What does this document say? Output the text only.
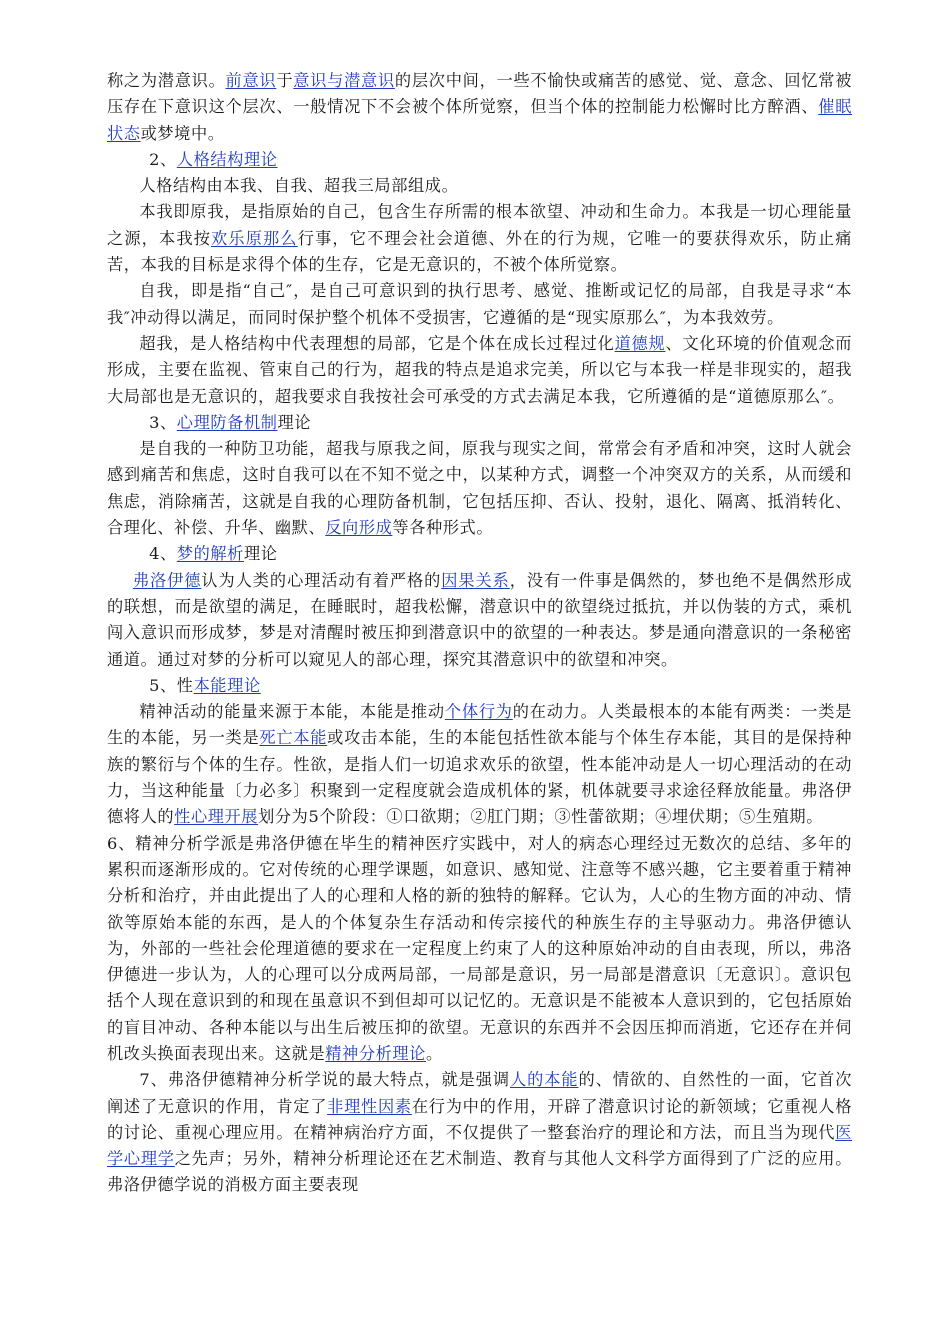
称之为潜意识。前意识于意识与潜意识的层次中间，一些不愉快或痛苦的感觉、觉、意念、回忆常被压存在下意识这个层次、一般情况下不会被个体所觉察，但当个体的控制能力松懈时比方醉酒、催眠状态或梦境中。

2、人格结构理论

人格结构由本我、自我、超我三局部组成。

本我即原我，是指原始的自己，包含生存所需的根本欲望、冲动和生命力。本我是一切心理能量之源，本我按欢乐原那么行事，它不理会社会道德、外在的行为规，它唯一的要获得欢乐，防止痛苦，本我的目标是求得个体的生存，它是无意识的，不被个体所觉察。

自我，即是指“自己″，是自己可意识到的执行思考、感觉、推断或记忆的局部，自我是寻求“本我″冲动得以满足，而同时保护整个机体不受损害，它遵循的是“现实原那么″，为本我效劳。

超我，是人格结构中代表理想的局部，它是个体在成长过程过化道德规、文化环境的价值观念而形成，主要在监视、管束自己的行为，超我的特点是追求完美，所以它与本我一样是非现实的，超我大局部也是无意识的，超我要求自我按社会可承受的方式去满足本我，它所遵循的是“道德原那么″。

3、心理防备机制理论

是自我的一种防卫功能，超我与原我之间，原我与现实之间，常常会有矛盾和冲突，这时人就会感到痛苦和焦虑，这时自我可以在不知不觉之中，以某种方式，调整一个冲突双方的关系，从而缓和焦虑，消除痛苦，这就是自我的心理防备机制，它包括压抑、否认、投射，退化、隔离、抵消转化、合理化、补偿、升华、幽默、反向形成等各种形式。

4、梦的解析理论

弗洛伊德认为人类的心理活动有着严格的因果关系，没有一件事是偶然的，梦也绝不是偶然形成的联想，而是欲望的满足，在睡眠时，超我松懈，潜意识中的欲望绕过抵抗，并以伪装的方式，乘机闯入意识而形成梦，梦是对清醒时被压抑到潜意识中的欲望的一种表达。梦是通向潜意识的一条秘密通道。通过对梦的分析可以窥见人的部心理，探究其潜意识中的欲望和冲突。

5、性本能理论

精神活动的能量来源于本能，本能是推动个体行为的在动力。人类最根本的本能有两类：一类是生的本能，另一类是死亡本能或攻击本能，生的本能包括性欲本能与个体生存本能，其目的是保持种族的繁衍与个体的生存。性欲，是指人们一切追求欢乐的欲望，性本能冲动是人一切心理活动的在动力，当这种能量〔力必多〕积聚到一定程度就会造成机体的紧，机体就要寻求途径释放能量。弗洛伊德将人的性心理开展划分为5个阶段：①口欲期；②肛门期；③性蕾欲期；④埋伏期；⑤生殖期。

6、精神分析学派是弗洛伊德在毕生的精神医疗实践中，对人的病态心理经过无数次的总结、多年的累积而逐渐形成的。它对传统的心理学课题，如意识、感知觉、注意等不感兴趣，它主要着重于精神分析和治疗，并由此提出了人的心理和人格的新的独特的解释。它认为，人心的生物方面的冲动、情欲等原始本能的东西，是人的个体复杂生存活动和传宗接代的种族生存的主导驱动力。弗洛伊德认为，外部的一些社会伦理道德的要求在一定程度上约束了人的这种原始冲动的自由表现，所以，弗洛伊德进一步认为，人的心理可以分成两局部，一局部是意识，另一局部是潜意识〔无意识〕。意识包括个人现在意识到的和现在虽意识不到但却可以记忆的。无意识是不能被本人意识到的，它包括原始的盲目冲动、各种本能以与出生后被压抑的欲望。无意识的东西并不会因压抑而消逝，它还存在并伺机改头换面表现出来。这就是精神分析理论。

7、弗洛伊德精神分析学说的最大特点，就是强调人的本能的、情欲的、自然性的一面，它首次阐述了无意识的作用，肯定了非理性因素在行为中的作用，开辟了潜意识讨论的新领域；它重视人格的讨论、重视心理应用。在精神病治疗方面，不仅提供了一整套治疗的理论和方法，而且当为现代医学心理学之先声；另外，精神分析理论还在艺术制造、教育与其他人文科学方面得到了广泛的应用。弗洛伊德学说的消极方面主要表现
